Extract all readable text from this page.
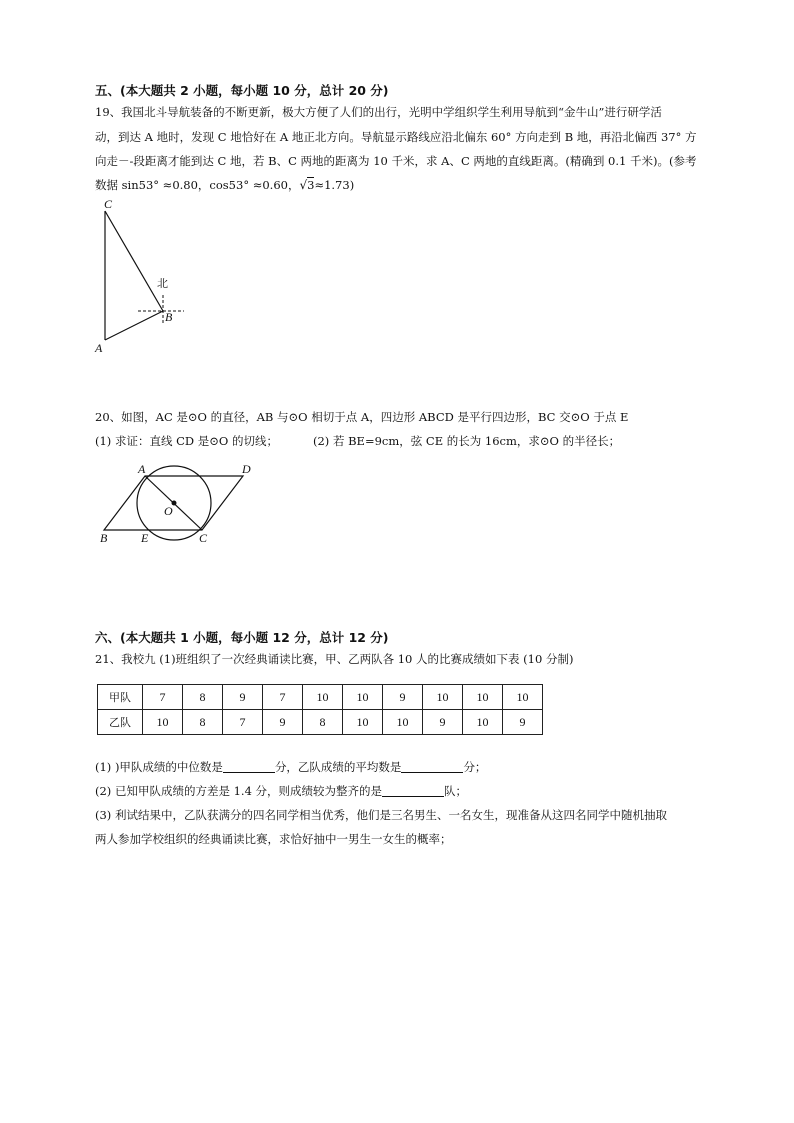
五、(本大题共 2 小题，每小题 10 分，总计 20 分)
19、我国北斗导航装备的不断更新，极大方便了人们的出行，光明中学组织学生利用导航到“金牛山”进行研学活
动，到达 A 地时，发现 C 地恰好在 A 地正北方向。导航显示路线应沿北偏东 60° 方向走到 B 地，再沿北偏西 37° 方
向走－-段距离才能到达 C 地，若 B、C 两地的距离为 10 千米，求 A、C 两地的直线距离。(精确到 0.1 千米)。(参考
数据 sin53° ≈0.80，cos53° ≈0.60，√3≈1.73)
C
A
B
北
20、如图，AC 是⊙O 的直径，AB 与⊙O 相切于点 A，四边形 ABCD 是平行四边形，BC 交⊙O 于点 E
(1) 求证：直线 CD 是⊙O 的切线；	(2) 若 BE=9cm，弦 CE 的长为 16cm，求⊙O 的半径长；
A	D
O
B	E	C
六、(本大题共 1 小题，每小题 12 分，总计 12 分)
21、我校九 (1)班组织了一次经典诵读比赛，甲、乙两队各 10 人的比赛成绩如下表 (10 分制)
甲队	7	8	9	7	10	10	9	10	10	10
乙队	10	8	7	9	8	10	10	9	10	9
(1) )甲队成绩的中位数是	分，乙队成绩的平均数是	分；
(2) 已知甲队成绩的方差是 1.4 分，则成绩较为整齐的是	队；
(3) 利试结果中，乙队获满分的四名同学相当优秀，他们是三名男生、一名女生，现准备从这四名同学中随机抽取
两人参加学校组织的经典诵读比赛，求恰好抽中一男生一女生的概率；
